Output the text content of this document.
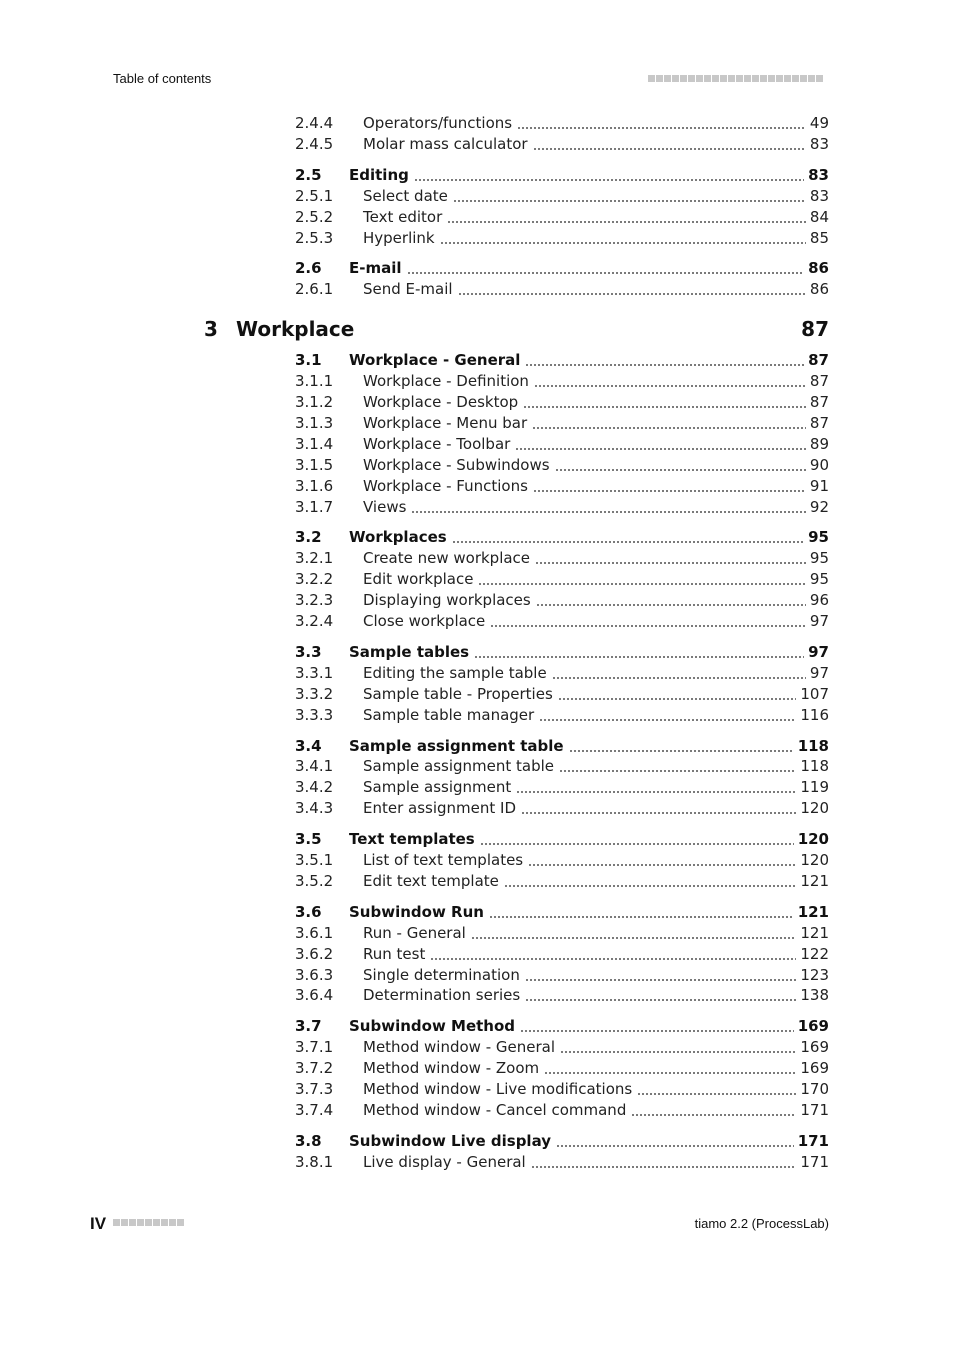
Table of contents
2.4.4	Operators/functions	49
2.4.5	Molar mass calculator	83
2.5	Editing	83
2.5.1	Select date	83
2.5.2	Text editor	84
2.5.3	Hyperlink	85
2.6	E-mail	86
2.6.1	Send E-mail	86
3 Workplace	87
3.1	Workplace - General	87
3.1.1	Workplace - Definition	87
3.1.2	Workplace - Desktop	87
3.1.3	Workplace - Menu bar	87
3.1.4	Workplace - Toolbar	89
3.1.5	Workplace - Subwindows	90
3.1.6	Workplace - Functions	91
3.1.7	Views	92
3.2	Workplaces	95
3.2.1	Create new workplace	95
3.2.2	Edit workplace	95
3.2.3	Displaying workplaces	96
3.2.4	Close workplace	97
3.3	Sample tables	97
3.3.1	Editing the sample table	97
3.3.2	Sample table - Properties	107
3.3.3	Sample table manager	116
3.4	Sample assignment table	118
3.4.1	Sample assignment table	118
3.4.2	Sample assignment	119
3.4.3	Enter assignment ID	120
3.5	Text templates	120
3.5.1	List of text templates	120
3.5.2	Edit text template	121
3.6	Subwindow Run	121
3.6.1	Run - General	121
3.6.2	Run test	122
3.6.3	Single determination	123
3.6.4	Determination series	138
3.7	Subwindow Method	169
3.7.1	Method window - General	169
3.7.2	Method window - Zoom	169
3.7.3	Method window - Live modifications	170
3.7.4	Method window - Cancel command	171
3.8	Subwindow Live display	171
3.8.1	Live display - General	171
IV	tiamo 2.2 (ProcessLab)
